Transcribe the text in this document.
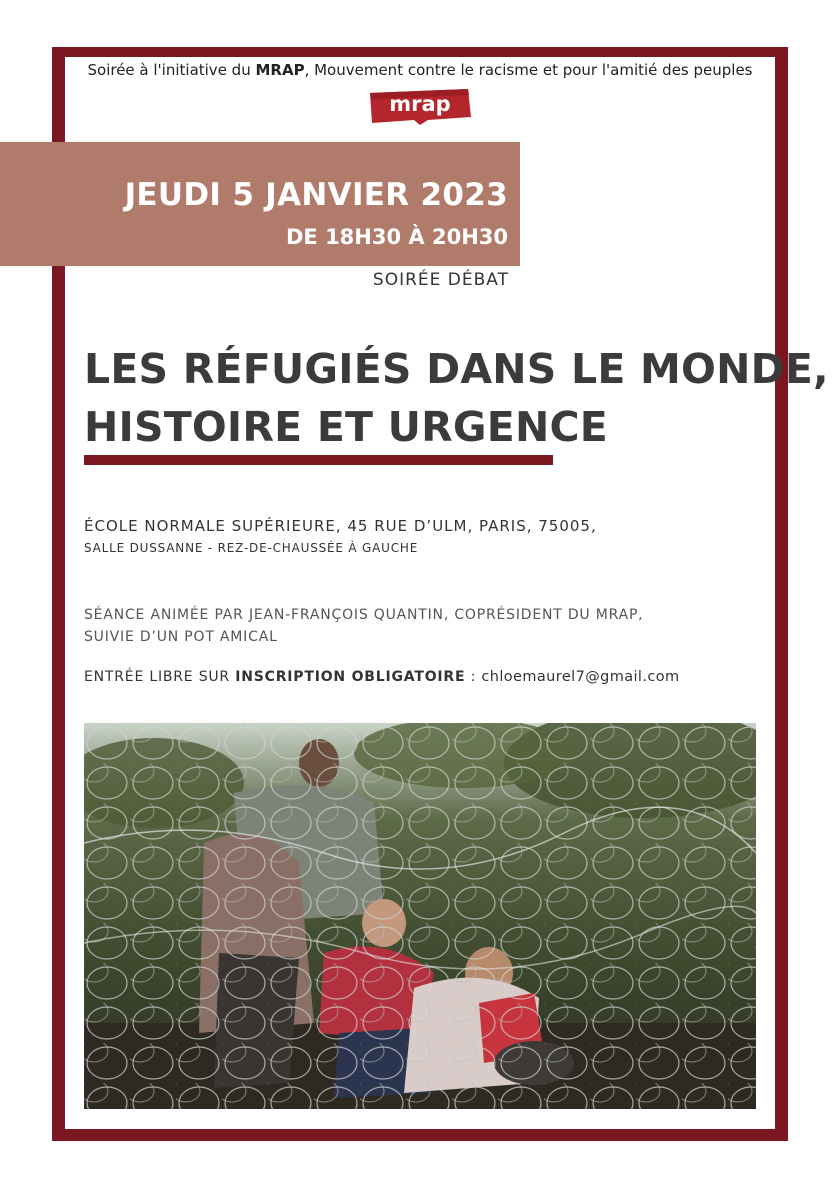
Soirée à l'initiative du MRAP, Mouvement contre le racisme et pour l'amitié des peuples
mrap
JEUDI 5 JANVIER 2023
DE 18H30 À 20H30
SOIRÉE DÉBAT
LES RÉFUGIÉS DANS LE MONDE,
HISTOIRE ET URGENCE
ÉCOLE NORMALE SUPÉRIEURE, 45 RUE D’ULM, PARIS, 75005,
SALLE DUSSANNE - REZ-DE-CHAUSSÉE À GAUCHE
SÉANCE ANIMÉE PAR JEAN-FRANÇOIS QUANTIN, COPRÉSIDENT DU MRAP,
SUIVIE D’UN POT AMICAL
ENTRÉE LIBRE SUR INSCRIPTION OBLIGATOIRE : chloemaurel7@gmail.com
